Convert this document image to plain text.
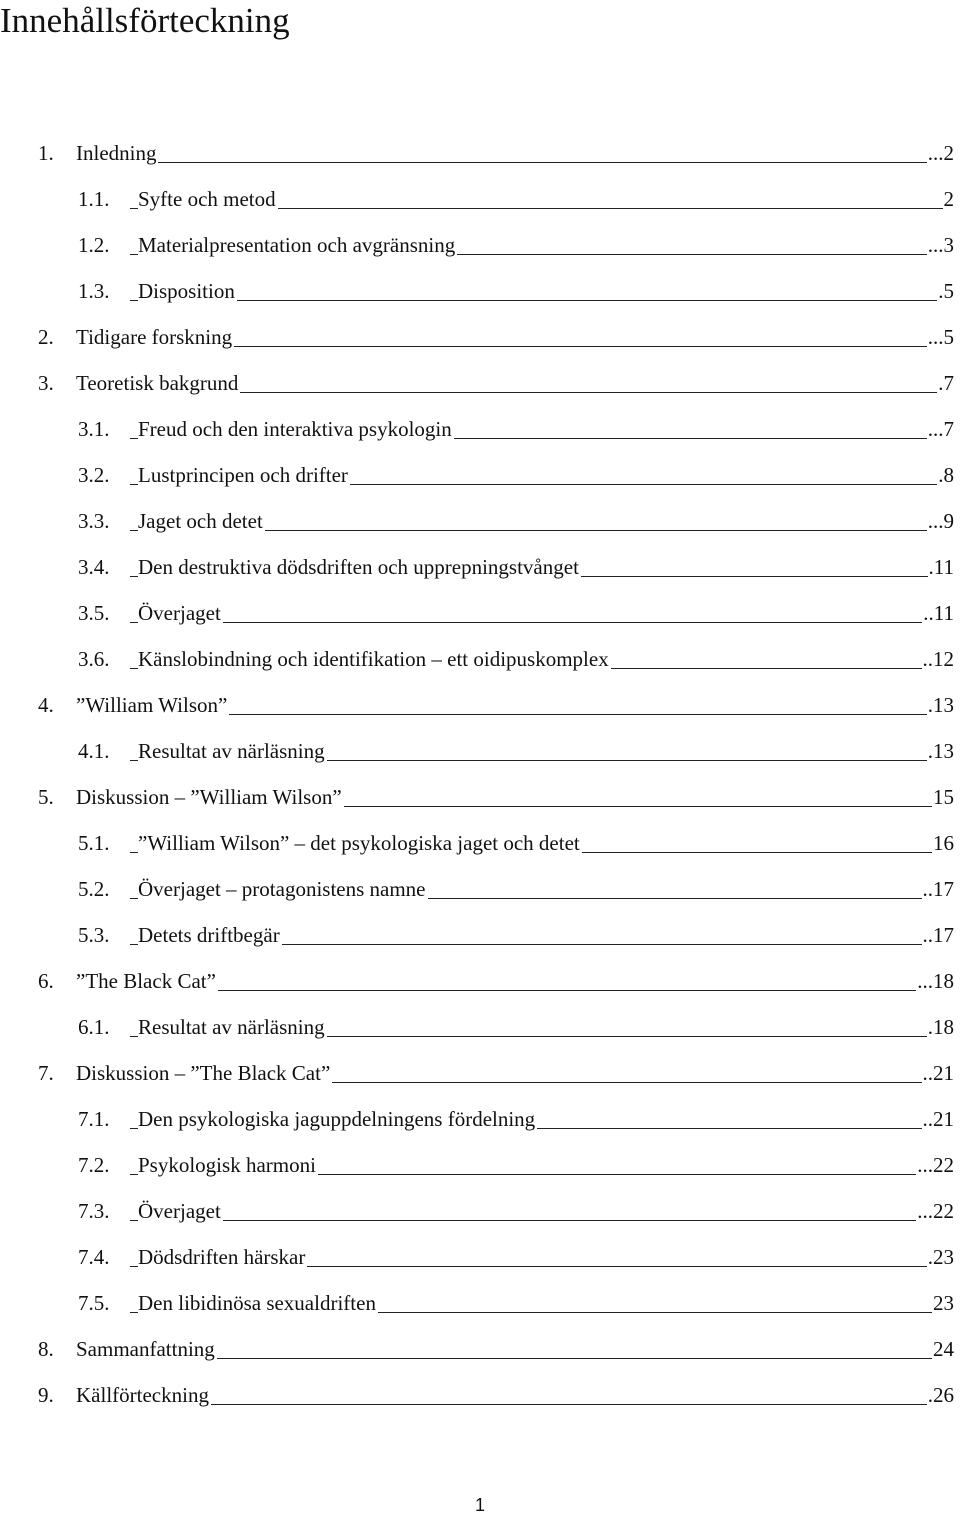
Innehållsförteckning
1. Inledning	...2
1.1. Syfte och metod	2
1.2. Materialpresentation och avgränsning	...3
1.3. Disposition	.5
2. Tidigare forskning	...5
3. Teoretisk bakgrund	.7
3.1. Freud och den interaktiva psykologin	...7
3.2. Lustprincipen och drifter	.8
3.3. Jaget och detet	...9
3.4. Den destruktiva dödsdriften och upprepningstvånget	.11
3.5. Överjaget	..11
3.6. Känslobindning och identifikation – ett oidipuskomplex	..12
4. ”William Wilson”	.13
4.1. Resultat av närläsning	.13
5. Diskussion – ”William Wilson”	15
5.1. ”William Wilson” – det psykologiska jaget och detet	16
5.2. Överjaget – protagonistens namne	..17
5.3. Detets driftbegär	..17
6. ”The Black Cat”	...18
6.1. Resultat av närläsning	.18
7. Diskussion – ”The Black Cat”	..21
7.1. Den psykologiska jaguppdelningens fördelning	..21
7.2. Psykologisk harmoni	...22
7.3. Överjaget	...22
7.4. Dödsdriften härskar	.23
7.5. Den libidinösa sexualdriften	23
8. Sammanfattning	24
9. Källförteckning	.26
1
